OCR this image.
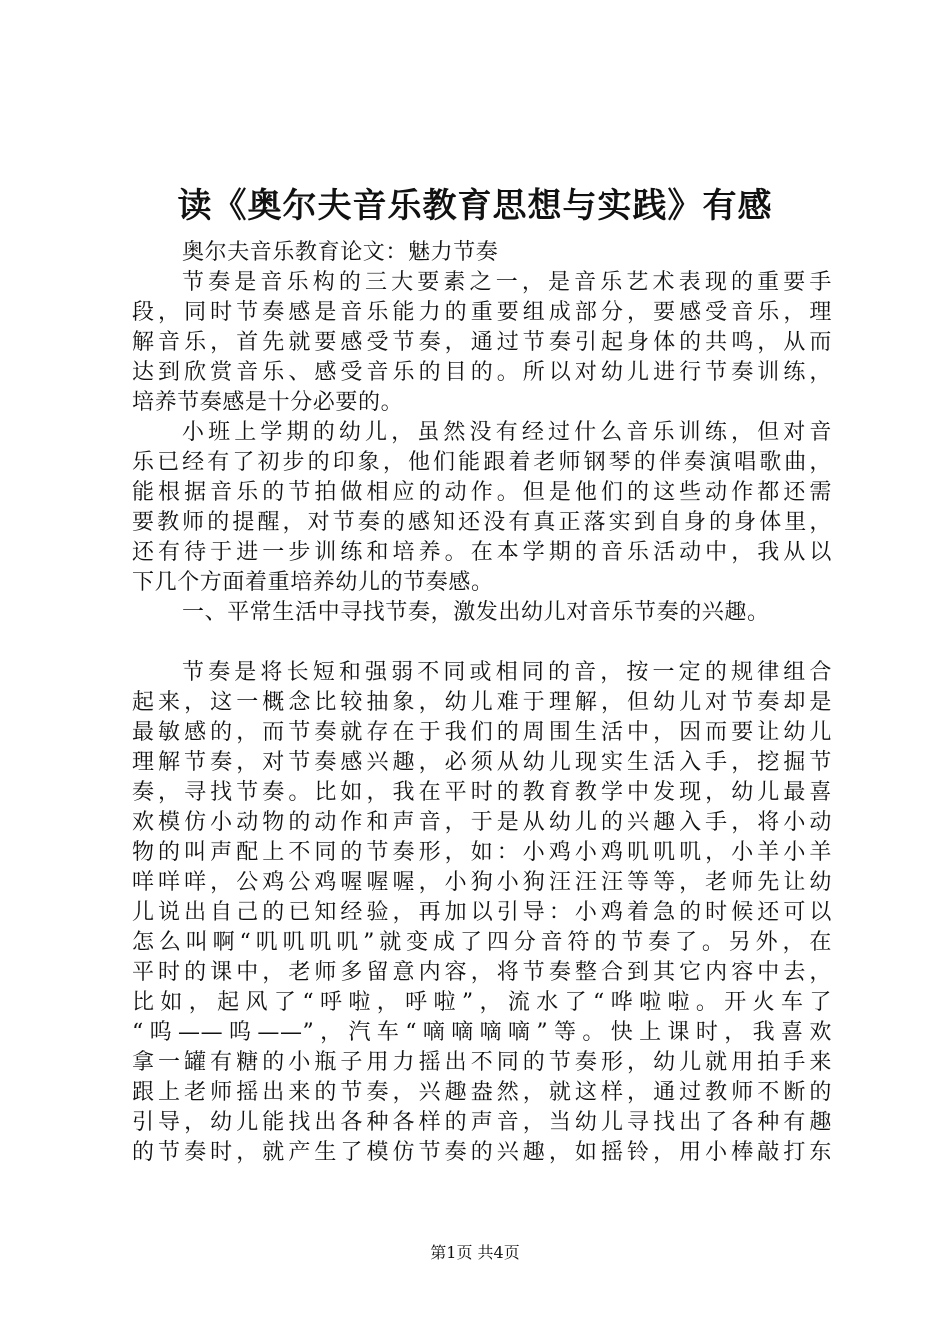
读《奥尔夫音乐教育思想与实践》有感
奥尔夫音乐教育论文：魅力节奏
节奏是音乐构的三大要素之一，是音乐艺术表现的重要手
段，同时节奏感是音乐能力的重要组成部分，要感受音乐，理
解音乐，首先就要感受节奏，通过节奏引起身体的共鸣，从而
达到欣赏音乐、感受音乐的目的。所以对幼儿进行节奏训练，
培养节奏感是十分必要的。
小班上学期的幼儿，虽然没有经过什么音乐训练，但对音
乐已经有了初步的印象，他们能跟着老师钢琴的伴奏演唱歌曲，
能根据音乐的节拍做相应的动作。但是他们的这些动作都还需
要教师的提醒，对节奏的感知还没有真正落实到自身的身体里，
还有待于进一步训练和培养。在本学期的音乐活动中，我从以
下几个方面着重培养幼儿的节奏感。
一、平常生活中寻找节奏，激发出幼儿对音乐节奏的兴趣。
节奏是将长短和强弱不同或相同的音，按一定的规律组合
起来，这一概念比较抽象，幼儿难于理解，但幼儿对节奏却是
最敏感的，而节奏就存在于我们的周围生活中，因而要让幼儿
理解节奏，对节奏感兴趣，必须从幼儿现实生活入手，挖掘节
奏，寻找节奏。比如，我在平时的教育教学中发现，幼儿最喜
欢模仿小动物的动作和声音，于是从幼儿的兴趣入手，将小动
物的叫声配上不同的节奏形，如：小鸡小鸡叽叽叽，小羊小羊
咩咩咩，公鸡公鸡喔喔喔，小狗小狗汪汪汪等等，老师先让幼
儿说出自己的已知经验，再加以引导：小鸡着急的时候还可以
怎么叫啊“叽叽叽叽”就变成了四分音符的节奏了。另外，在
平时的课中，老师多留意内容，将节奏整合到其它内容中去，
比如，起风了“呼啦，呼啦”，流水了“哗啦啦。开火车了
“呜——呜——”，汽车“嘀嘀嘀嘀”等。快上课时，我喜欢
拿一罐有糖的小瓶子用力摇出不同的节奏形，幼儿就用拍手来
跟上老师摇出来的节奏，兴趣盎然，就这样，通过教师不断的
引导，幼儿能找出各种各样的声音，当幼儿寻找出了各种有趣
的节奏时，就产生了模仿节奏的兴趣，如摇铃，用小棒敲打东
第1页 共4页
